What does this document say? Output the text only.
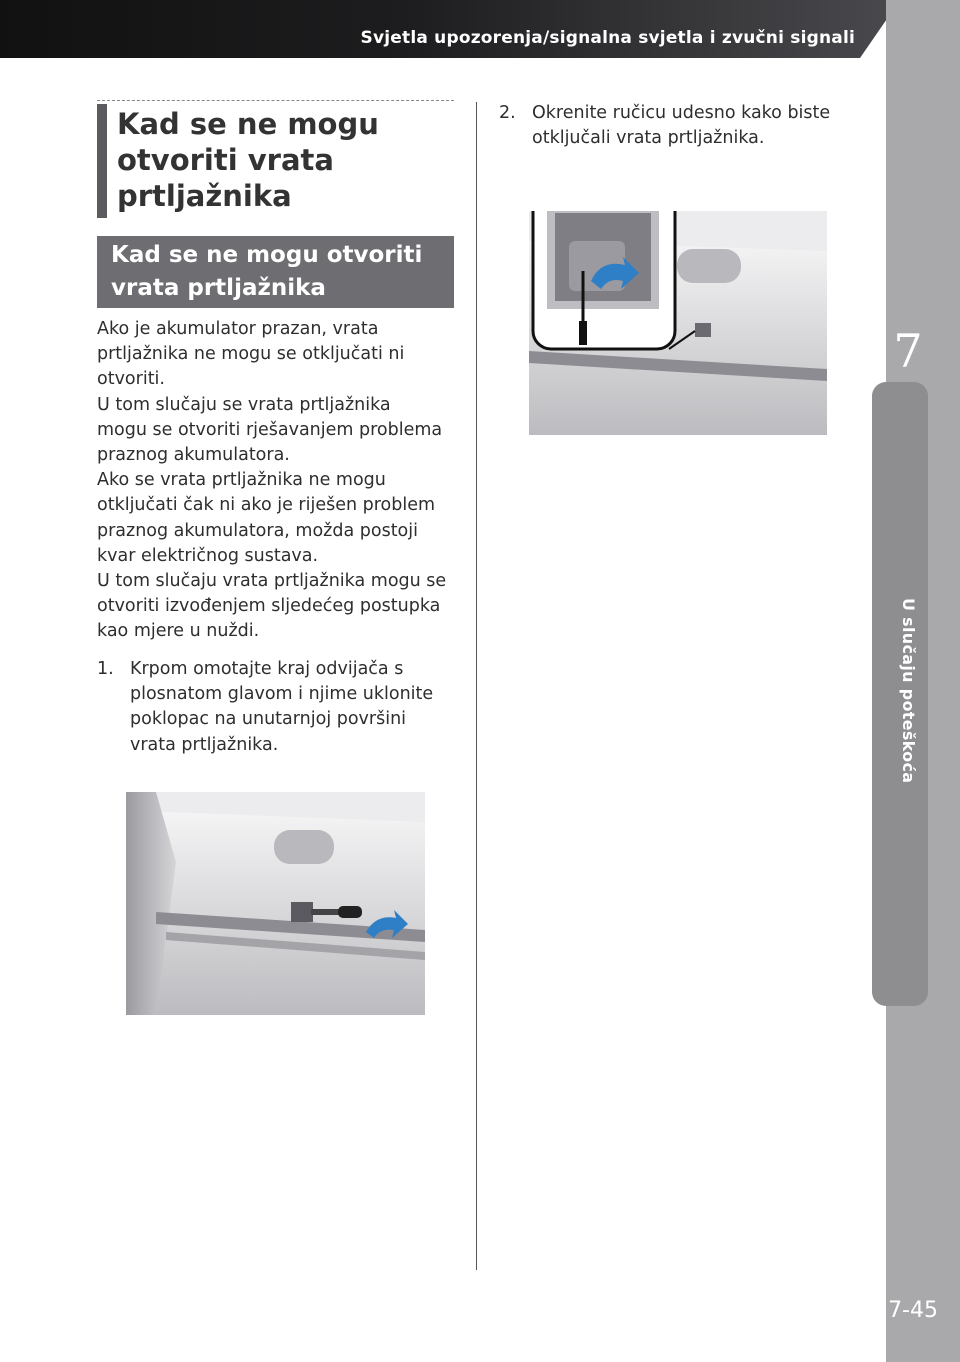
Svjetla upozorenja/signalna svjetla i zvučni signali
7
U slučaju poteškoća
7-45
Kad se ne mogu
otvoriti vrata
prtljažnika
Kad se ne mogu otvoriti
vrata prtljažnika

Ako je akumulator prazan, vrata
prtljažnika ne mogu se otključati ni
otvoriti.

U tom slučaju se vrata prtljažnika
mogu se otvoriti rješavanjem problema
praznog akumulatora.

Ako se vrata prtljažnika ne mogu
otključati čak ni ako je riješen problem
praznog akumulatora, možda postoji
kvar električnog sustava.

U tom slučaju vrata prtljažnika mogu se
otvoriti izvođenjem sljedećeg postupka
kao mjere u nuždi.

1. Krpom omotajte kraj odvijača s
plosnatom glavom i njime uklonite
poklopac na unutarnjoj površini
vrata prtljažnika.
2. Okrenite ručicu udesno kako biste
otključali vrata prtljažnika.
